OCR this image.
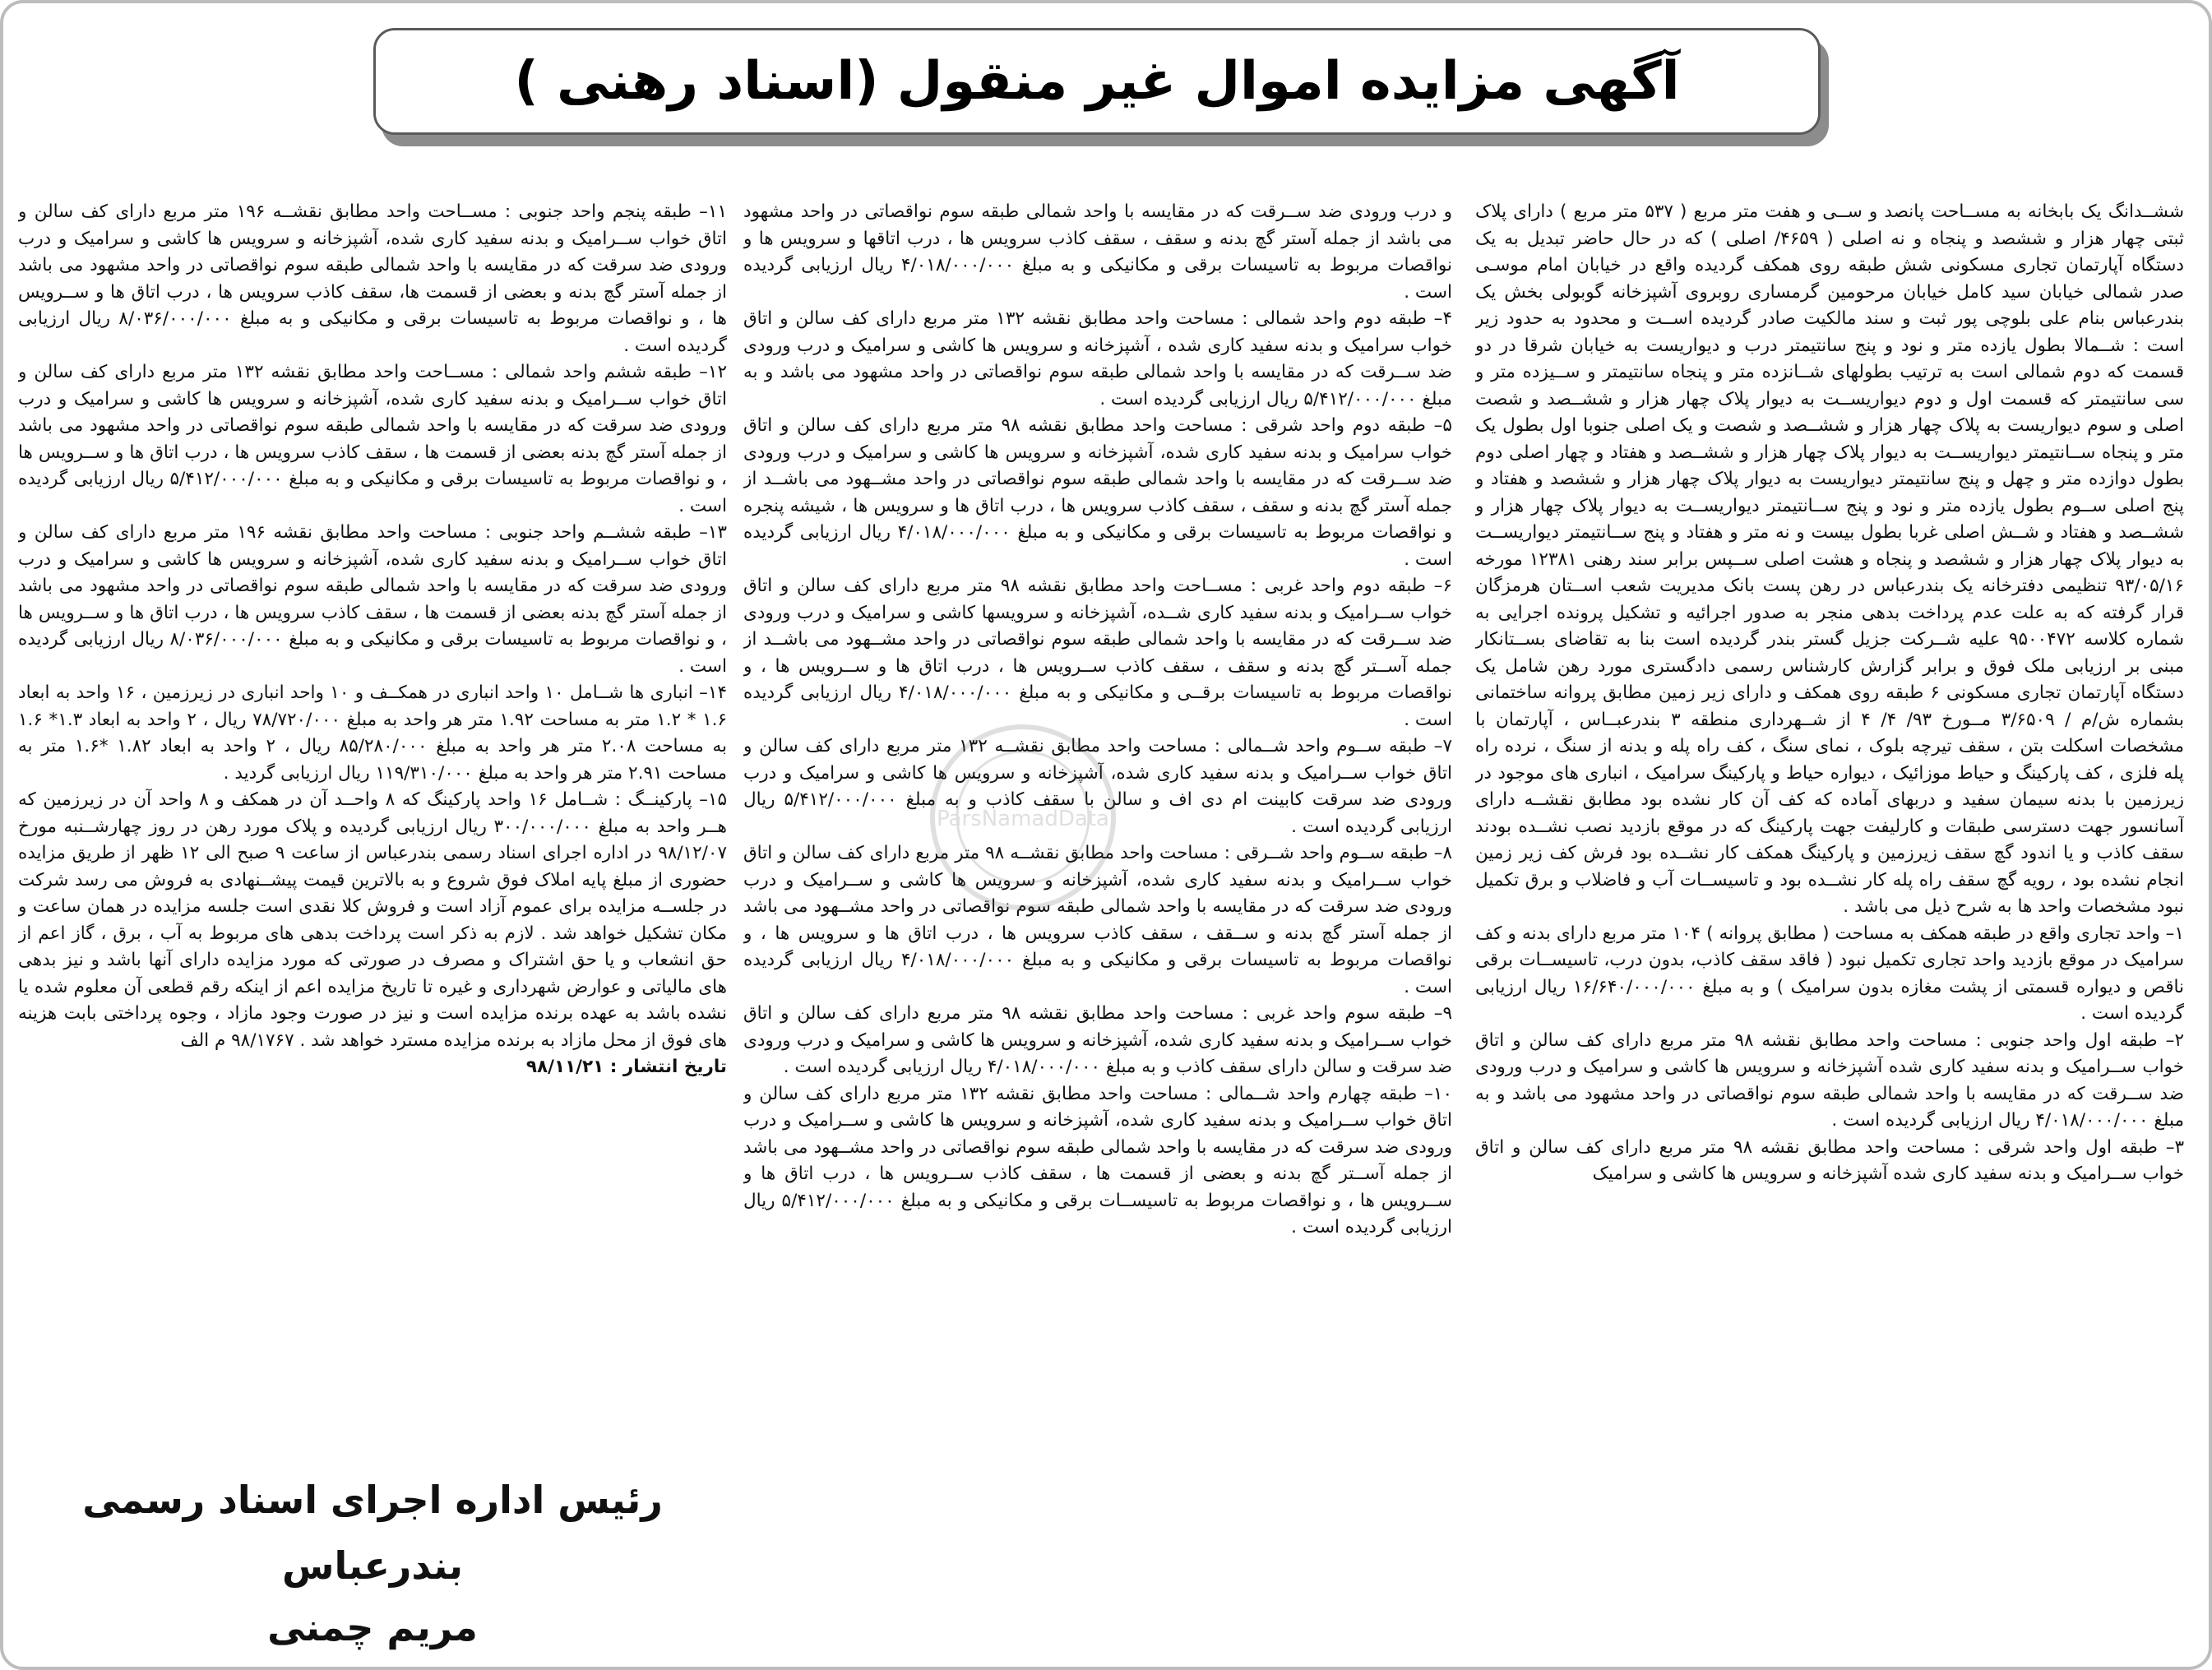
آگهی مزایده اموال غیر منقول (اسناد رهنی )

ششــدانگ یک بابخانه به مســاحت پانصد و ســی و هفت متر مربع ( ۵۳۷ متر مربع ) دارای پلاک ثبتی چهار هزار و ششصد و پنجاه و نه اصلی ( ۴۶۵۹/ اصلی ) که در حال حاضر تبدیل به یک دستگاه آپارتمان تجاری مسکونی شش طبقه روی همکف گردیده واقع در خیابان امام موسـی صدر شمالی خیابان سید کامل خیابان مرحومین گرمساری روبروی آشپزخانه گوبولی بخش یک بندرعباس بنام علی بلوچی پور ثبت و سند مالکیت صادر گردیده اســت و محدود به حدود زیر است : شــمالا بطول یازده متر و نود و پنج سانتیمتر درب و دیواریست به خیابان شرقا در دو قسمت که دوم شمالی است به ترتیب بطولهای شــانزده متر و پنجاه سانتیمتر و ســیزده متر و سی سانتیمتر که قسمت اول و دوم دیواریســت به دیوار پلاک چهار هزار و ششــصد و شصت اصلی و سوم دیواریست به پلاک چهار هزار و ششــصد و شصت و یک اصلی جنوبا اول بطول یک متر و پنجاه ســانتیمتر دیواریســت به دیوار پلاک چهار هزار و ششــصد و هفتاد و چهار اصلی دوم بطول دوازده متر و چهل و پنج سانتیمتر دیواریست به دیوار پلاک چهار هزار و ششصد و هفتاد و پنج اصلی ســوم بطول یازده متر و نود و پنج ســانتیمتر دیواریســت به دیوار پلاک چهار هزار و ششــصد و هفتاد و شــش اصلی غربا بطول بیست و نه متر و هفتاد و پنج ســانتیمتر دیواریســت به دیوار پلاک چهار هزار و ششصد و پنجاه و هشت اصلی ســپس برابر سند رهنی ۱۲۳۸۱ مورخه ۹۳/۰۵/۱۶ تنظیمی دفترخانه یک بندرعباس در رهن پست بانک مدیریت شعب اســتان هرمزگان قرار گرفته که به علت عدم پرداخت بدهی منجر به صدور اجرائیه و تشکیل پرونده اجرایی به شماره کلاسه ۹۵۰۰۴۷۲ علیه شــرکت جزیل گستر بندر گردیده است بنا به تقاضای بســتانکار مبنی بر ارزیابی ملک فوق و برابر گزارش کارشناس رسمی دادگستری مورد رهن شامل یک دستگاه آپارتمان تجاری مسکونی ۶ طبقه روی همکف و دارای زیر زمین مطابق پروانه ساختمانی بشماره ش/م / ۳/۶۵۰۹ مــورخ ۹۳/ ۴/ ۴ از شــهرداری منطقه ۳ بندرعبــاس ، آپارتمان با مشخصات اسکلت بتن ، سقف تیرچه بلوک ، نمای سنگ ، کف راه پله و بدنه از سنگ ، نرده راه پله فلزی ، کف پارکینگ و حیاط موزائیک ، دیواره حیاط و پارکینگ سرامیک ، انباری های موجود در زیرزمین با بدنه سیمان سفید و دربهای آماده که کف آن کار نشده بود مطابق نقشــه دارای آسانسور جهت دسترسی طبقات و کارلیفت جهت پارکینگ که در موقع بازدید نصب نشــده بودند سقف کاذب و یا اندود گچ سقف زیرزمین و پارکینگ همکف کار نشــده بود فرش کف زیر زمین انجام نشده بود ، رویه گچ سقف راه پله کار نشــده بود و تاسیســات آب و فاضلاب و برق تکمیل نبود مشخصات واحد ها به شرح ذیل می باشد .

۱– واحد تجاری واقع در طبقه همکف به مساحت ( مطابق پروانه ) ۱۰۴ متر مربع دارای بدنه و کف سرامیک در موقع بازدید واحد تجاری تکمیل نبود ( فاقد سقف کاذب، بدون درب، تاسیســات برقی ناقص و دیواره قسمتی از پشت مغازه بدون سرامیک ) و به مبلغ ۱۶/۶۴۰/۰۰۰/۰۰۰ ریال ارزیابی گردیده است .

۲– طبقه اول واحد جنوبی : مساحت واحد مطابق نقشه ۹۸ متر مربع دارای کف سالن و اتاق خواب ســرامیک و بدنه سفید کاری شده آشپزخانه و سرویس ها کاشی و سرامیک و درب ورودی ضد ســرقت که در مقایسه با واحد شمالی طبقه سوم نواقصاتی در واحد مشهود می باشد و به مبلغ ۴/۰۱۸/۰۰۰/۰۰۰ ریال ارزیابی گردیده است .

۳– طبقه اول واحد شرقی : مساحت واحد مطابق نقشه ۹۸ متر مربع دارای کف سالن و اتاق خواب ســرامیک و بدنه سفید کاری شده آشپزخانه و سرویس ها کاشی و سرامیک

و درب ورودی ضد ســرقت که در مقایسه با واحد شمالی طبقه سوم نواقصاتی در واحد مشهود می باشد از جمله آستر گچ بدنه و سقف ، سقف کاذب سرویس ها ، درب اتاقها و سرویس ها و نواقصات مربوط به تاسیسات برقی و مکانیکی و به مبلغ ۴/۰۱۸/۰۰۰/۰۰۰ ریال ارزیابی گردیده است .

۴– طبقه دوم واحد شمالی : مساحت واحد مطابق نقشه ۱۳۲ متر مربع دارای کف سالن و اتاق خواب سرامیک و بدنه سفید کاری شده ، آشپزخانه و سرویس ها کاشی و سرامیک و درب ورودی ضد ســرقت که در مقایسه با واحد شمالی طبقه سوم نواقصاتی در واحد مشهود می باشد و به مبلغ ۵/۴۱۲/۰۰۰/۰۰۰ ریال ارزیابی گردیده است .

۵– طبقه دوم واحد شرقی : مساحت واحد مطابق نقشه ۹۸ متر مربع دارای کف سالن و اتاق خواب سرامیک و بدنه سفید کاری شده، آشپزخانه و سرویس ها کاشی و سرامیک و درب ورودی ضد ســرقت که در مقایسه با واحد شمالی طبقه سوم نواقصاتی در واحد مشــهود می باشــد از جمله آستر گچ بدنه و سقف ، سقف کاذب سرویس ها ، درب اتاق ها و سرویس ها ، شیشه پنجره و نواقصات مربوط به تاسیسات برقی و مکانیکی و به مبلغ ۴/۰۱۸/۰۰۰/۰۰۰ ریال ارزیابی گردیده است .

۶– طبقه دوم واحد غربی : مســاحت واحد مطابق نقشه ۹۸ متر مربع دارای کف سالن و اتاق خواب ســرامیک و بدنه سفید کاری شــده، آشپزخانه و سرویسها کاشی و سرامیک و درب ورودی ضد ســرقت که در مقایسه با واحد شمالی طبقه سوم نواقصاتی در واحد مشــهود می باشــد از جمله آســتر گچ بدنه و سقف ، سقف کاذب ســرویس ها ، درب اتاق ها و ســرویس ها ، و نواقصات مربوط به تاسیسات برقــی و مکانیکی و به مبلغ ۴/۰۱۸/۰۰۰/۰۰۰ ریال ارزیابی گردیده است .

۷– طبقه ســوم واحد شــمالی : مساحت واحد مطابق نقشــه ۱۳۲ متر مربع دارای کف سالن و اتاق خواب ســرامیک و بدنه سفید کاری شده، آشپزخانه و سرویس ها کاشی و سرامیک و درب ورودی ضد سرقت کابینت ام دی اف و سالن با سقف کاذب و به مبلغ ۵/۴۱۲/۰۰۰/۰۰۰ ریال ارزیابی گردیده است .

۸– طبقه ســوم واحد شــرقی : مساحت واحد مطابق نقشــه ۹۸ متر مربع دارای کف سالن و اتاق خواب ســرامیک و بدنه سفید کاری شده، آشپزخانه و سرویس ها کاشی و ســرامیک و درب ورودی ضد سرقت که در مقایسه با واحد شمالی طبقه سوم نواقصاتی در واحد مشــهود می باشد از جمله آستر گچ بدنه و ســقف ، سقف کاذب سرویس ها ، درب اتاق ها و سرویس ها ، و نواقصات مربوط به تاسیسات برقی و مکانیکی و به مبلغ ۴/۰۱۸/۰۰۰/۰۰۰ ریال ارزیابی گردیده است .

۹– طبقه سوم واحد غربی : مساحت واحد مطابق نقشه ۹۸ متر مربع دارای کف سالن و اتاق خواب ســرامیک و بدنه سفید کاری شده، آشپزخانه و سرویس ها کاشی و سرامیک و درب ورودی ضد سرقت و سالن دارای سقف کاذب و به مبلغ ۴/۰۱۸/۰۰۰/۰۰۰ ریال ارزیابی گردیده است .

۱۰– طبقه چهارم واحد شــمالی : مساحت واحد مطابق نقشه ۱۳۲ متر مربع دارای کف سالن و اتاق خواب ســرامیک و بدنه سفید کاری شده، آشپزخانه و سرویس ها کاشی و ســرامیک و درب ورودی ضد سرقت که در مقایسه با واحد شمالی طبقه سوم نواقصاتی در واحد مشــهود می باشد از جمله آســتر گچ بدنه و بعضی از قسمت ها ، سقف کاذب ســرویس ها ، درب اتاق ها و ســرویس ها ، و نواقصات مربوط به تاسیســات برقی و مکانیکی و به مبلغ ۵/۴۱۲/۰۰۰/۰۰۰ ریال ارزیابی گردیده است .

۱۱– طبقه پنجم واحد جنوبی : مســاحت واحد مطابق نقشــه ۱۹۶ متر مربع دارای کف سالن و اتاق خواب ســرامیک و بدنه سفید کاری شده، آشپزخانه و سرویس ها کاشی و سرامیک و درب ورودی ضد سرقت که در مقایسه با واحد شمالی طبقه سوم نواقصاتی در واحد مشهود می باشد از جمله آستر گچ بدنه و بعضی از قسمت ها، سقف کاذب سرویس ها ، درب اتاق ها و ســرویس ها ، و نواقصات مربوط به تاسیسات برقی و مکانیکی و به مبلغ ۸/۰۳۶/۰۰۰/۰۰۰ ریال ارزیابی گردیده است .

۱۲– طبقه ششم واحد شمالی : مســاحت واحد مطابق نقشه ۱۳۲ متر مربع دارای کف سالن و اتاق خواب ســرامیک و بدنه سفید کاری شده، آشپزخانه و سرویس ها کاشی و سرامیک و درب ورودی ضد سرقت که در مقایسه با واحد شمالی طبقه سوم نواقصاتی در واحد مشهود می باشد از جمله آستر گچ بدنه بعضی از قسمت ها ، سقف کاذب سرویس ها ، درب اتاق ها و ســرویس ها ، و نواقصات مربوط به تاسیسات برقی و مکانیکی و به مبلغ ۵/۴۱۲/۰۰۰/۰۰۰ ریال ارزیابی گردیده است .

۱۳– طبقه ششــم واحد جنوبی : مساحت واحد مطابق نقشه ۱۹۶ متر مربع دارای کف سالن و اتاق خواب ســرامیک و بدنه سفید کاری شده، آشپزخانه و سرویس ها کاشی و سرامیک و درب ورودی ضد سرقت که در مقایسه با واحد شمالی طبقه سوم نواقصاتی در واحد مشهود می باشد از جمله آستر گچ بدنه بعضی از قسمت ها ، سقف کاذب سرویس ها ، درب اتاق ها و ســرویس ها ، و نواقصات مربوط به تاسیسات برقی و مکانیکی و به مبلغ ۸/۰۳۶/۰۰۰/۰۰۰ ریال ارزیابی گردیده است .

۱۴– انباری ها شــامل ۱۰ واحد انباری در همکــف و ۱۰ واحد انباری در زیرزمین ، ۱۶ واحد به ابعاد ۱.۶ * ۱.۲ متر به مساحت ۱.۹۲ متر هر واحد به مبلغ ۷۸/۷۲۰/۰۰۰ ریال ، ۲ واحد به ابعاد ۱.۳* ۱.۶ به مساحت ۲.۰۸ متر هر واحد به مبلغ ۸۵/۲۸۰/۰۰۰ ریال ، ۲ واحد به ابعاد ۱.۸۲ *۱.۶ متر به مساحت ۲.۹۱ متر هر واحد به مبلغ ۱۱۹/۳۱۰/۰۰۰ ریال ارزیابی گردید .

۱۵– پارکینــگ : شــامل ۱۶ واحد پارکینگ که ۸ واحــد آن در همکف و ۸ واحد آن در زیرزمین که هــر واحد به مبلغ ۳۰۰/۰۰۰/۰۰۰ ریال ارزیابی گردیده و پلاک مورد رهن در روز چهارشــنبه مورخ ۹۸/۱۲/۰۷ در اداره اجرای اسناد رسمی بندرعباس از ساعت ۹ صبح الی ۱۲ ظهر از طریق مزایده حضوری از مبلغ پایه املاک فوق شروع و به بالاترین قیمت پیشــنهادی به فروش می رسد شرکت در جلســه مزایده برای عموم آزاد است و فروش کلا نقدی است جلسه مزایده در همان ساعت و مکان تشکیل خواهد شد . لازم به ذکر است پرداخت بدهی های مربوط به آب ، برق ، گاز اعم از حق انشعاب و یا حق اشتراک و مصرف در صورتی که مورد مزایده دارای آنها باشد و نیز بدهی های مالیاتی و عوارض شهرداری و غیره تا تاریخ مزایده اعم از اینکه رقم قطعی آن معلوم شده یا نشده باشد به عهده برنده مزایده است و نیز در صورت وجود مازاد ، وجوه پرداختی بابت هزینه های فوق از محل مازاد به برنده مزایده مسترد خواهد شد . ۹۸/۱۷۶۷ م الف

تاریخ انتشار : ۹۸/۱۱/۲۱

رئیس اداره اجرای اسناد رسمی بندرعباس
مریم چمنی
ParsNamadData
